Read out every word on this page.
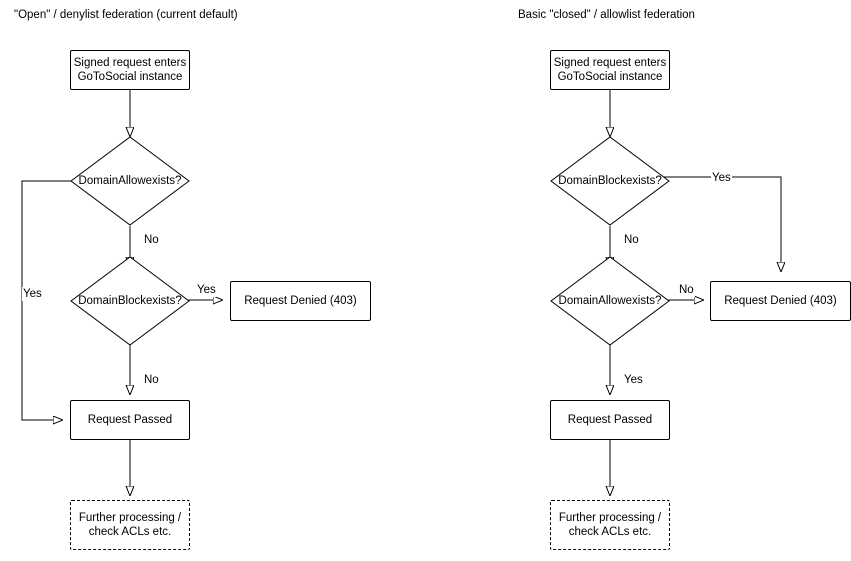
"Open" / denylist federation (current default)
Signed request enters
GoToSocial instance
DomainAllow exists?
DomainBlock exists?	Request Denied (403)
Request Passed
Further processing /
check ACLs etc.
Yes
No
Yes
No
Basic "closed" / allowlist federation
Signed request enters
GoToSocial instance
DomainBlock exists?
DomainAllow exists?	Request Denied (403)
Request Passed
Further processing /
check ACLs etc.
Yes
No
No
Yes
